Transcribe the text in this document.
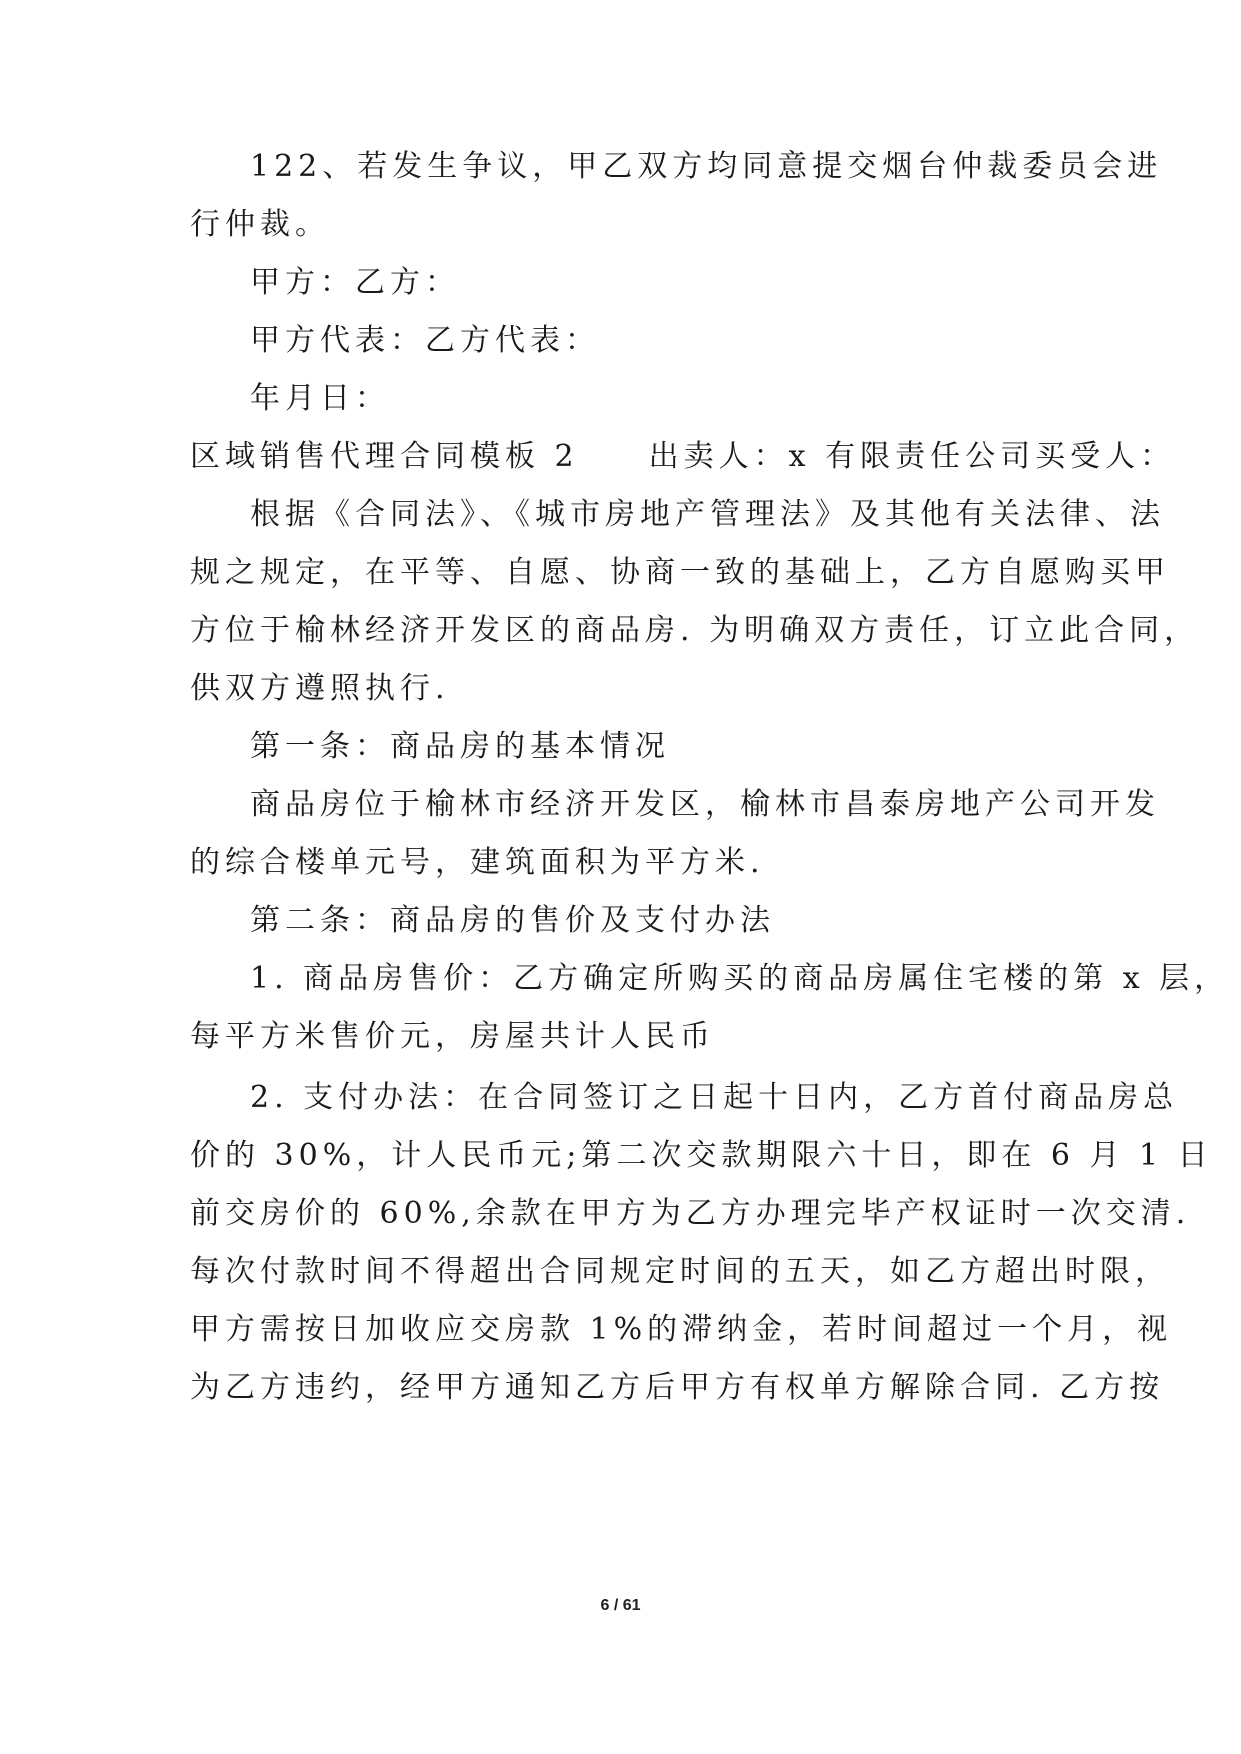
122、若发生争议，甲乙双方均同意提交烟台仲裁委员会进
行仲裁。
甲方：乙方：
甲方代表：乙方代表：
年月日：
区域销售代理合同模板 2　　出卖人：x 有限责任公司买受人：
根据《合同法》、《城市房地产管理法》及其他有关法律、法
规之规定，在平等、自愿、协商一致的基础上，乙方自愿购买甲
方位于榆林经济开发区的商品房. 为明确双方责任，订立此合同，
供双方遵照执行.
第一条：商品房的基本情况
商品房位于榆林市经济开发区，榆林市昌泰房地产公司开发
的综合楼单元号，建筑面积为平方米.
第二条：商品房的售价及支付办法
1. 商品房售价：乙方确定所购买的商品房属住宅楼的第 x 层，
每平方米售价元，房屋共计人民币
2. 支付办法：在合同签订之日起十日内，乙方首付商品房总
价的 30%，计人民币元;第二次交款期限六十日，即在 6 月 1 日
前交房价的 60%,余款在甲方为乙方办理完毕产权证时一次交清.
每次付款时间不得超出合同规定时间的五天，如乙方超出时限，
甲方需按日加收应交房款 1%的滞纳金，若时间超过一个月，视
为乙方违约，经甲方通知乙方后甲方有权单方解除合同. 乙方按
6 / 61
